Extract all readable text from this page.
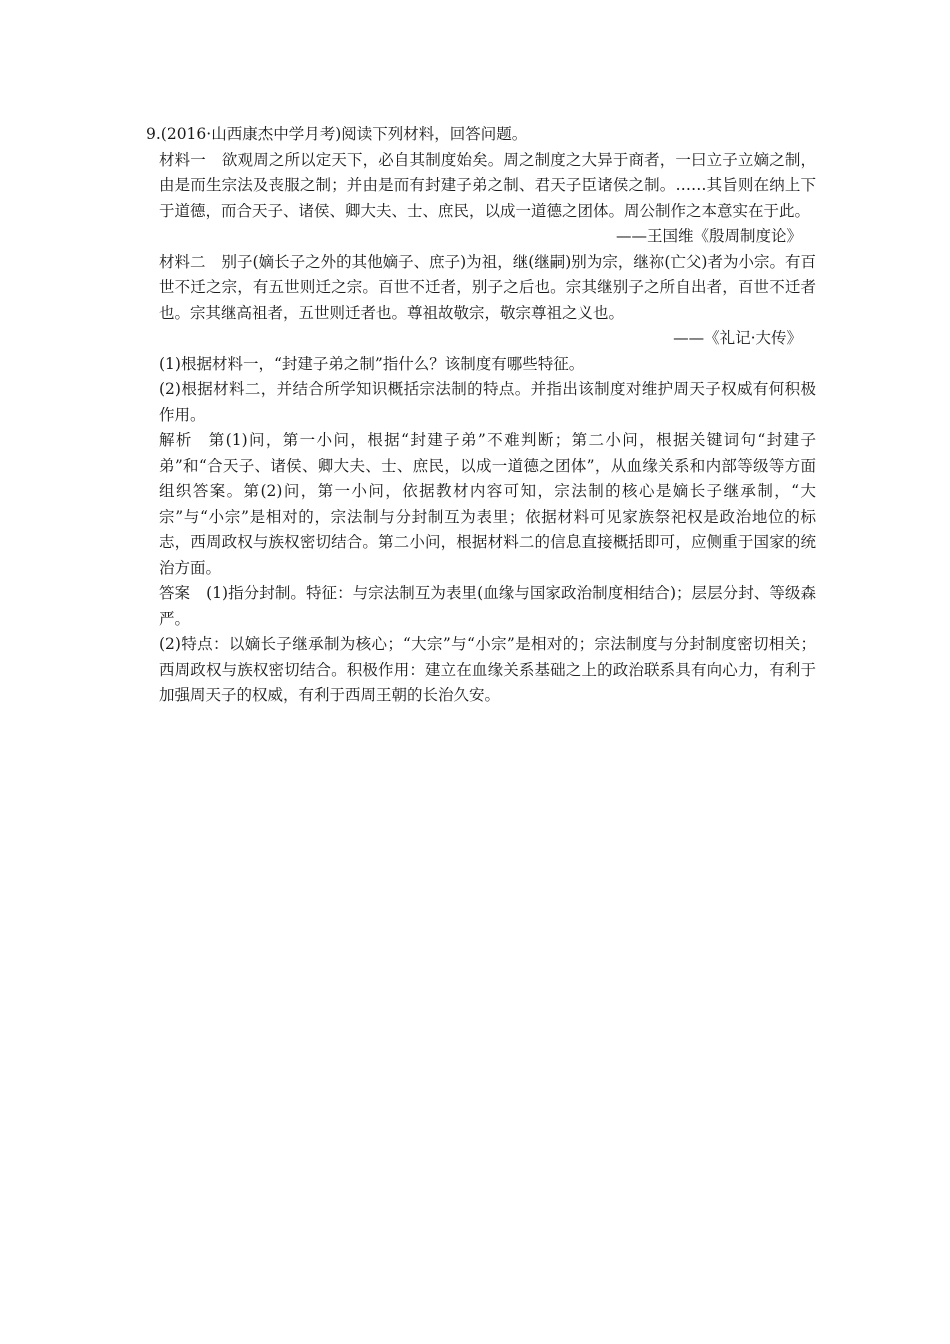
9.(2016·山西康杰中学月考)阅读下列材料，回答问题。

材料一 欲观周之所以定天下，必自其制度始矣。周之制度之大异于商者，一曰立子立嫡之制，由是而生宗法及丧服之制；并由是而有封建子弟之制、君天子臣诸侯之制。……其旨则在纳上下于道德，而合天子、诸侯、卿大夫、士、庶民，以成一道德之团体。周公制作之本意实在于此。

——王国维《殷周制度论》

材料二 别子(嫡长子之外的其他嫡子、庶子)为祖，继(继嗣)别为宗，继祢(亡父)者为小宗。有百世不迁之宗，有五世则迁之宗。百世不迁者，别子之后也。宗其继别子之所自出者，百世不迁者也。宗其继高祖者，五世则迁者也。尊祖故敬宗，敬宗尊祖之义也。

——《礼记·大传》

(1)根据材料一，“封建子弟之制”指什么？该制度有哪些特征。

(2)根据材料二，并结合所学知识概括宗法制的特点。并指出该制度对维护周天子权威有何积极作用。

解析 第(1)问，第一小问，根据“封建子弟”不难判断；第二小问，根据关键词句“封建子弟”和“合天子、诸侯、卿大夫、士、庶民，以成一道德之团体”，从血缘关系和内部等级等方面组织答案。第(2)问，第一小问，依据教材内容可知，宗法制的核心是嫡长子继承制，“大宗”与“小宗”是相对的，宗法制与分封制互为表里；依据材料可见家族祭祀权是政治地位的标志，西周政权与族权密切结合。第二小问，根据材料二的信息直接概括即可，应侧重于国家的统治方面。

答案 (1)指分封制。特征：与宗法制互为表里(血缘与国家政治制度相结合)；层层分封、等级森严。

(2)特点：以嫡长子继承制为核心；“大宗”与“小宗”是相对的；宗法制度与分封制度密切相关；西周政权与族权密切结合。积极作用：建立在血缘关系基础之上的政治联系具有向心力，有利于加强周天子的权威，有利于西周王朝的长治久安。
